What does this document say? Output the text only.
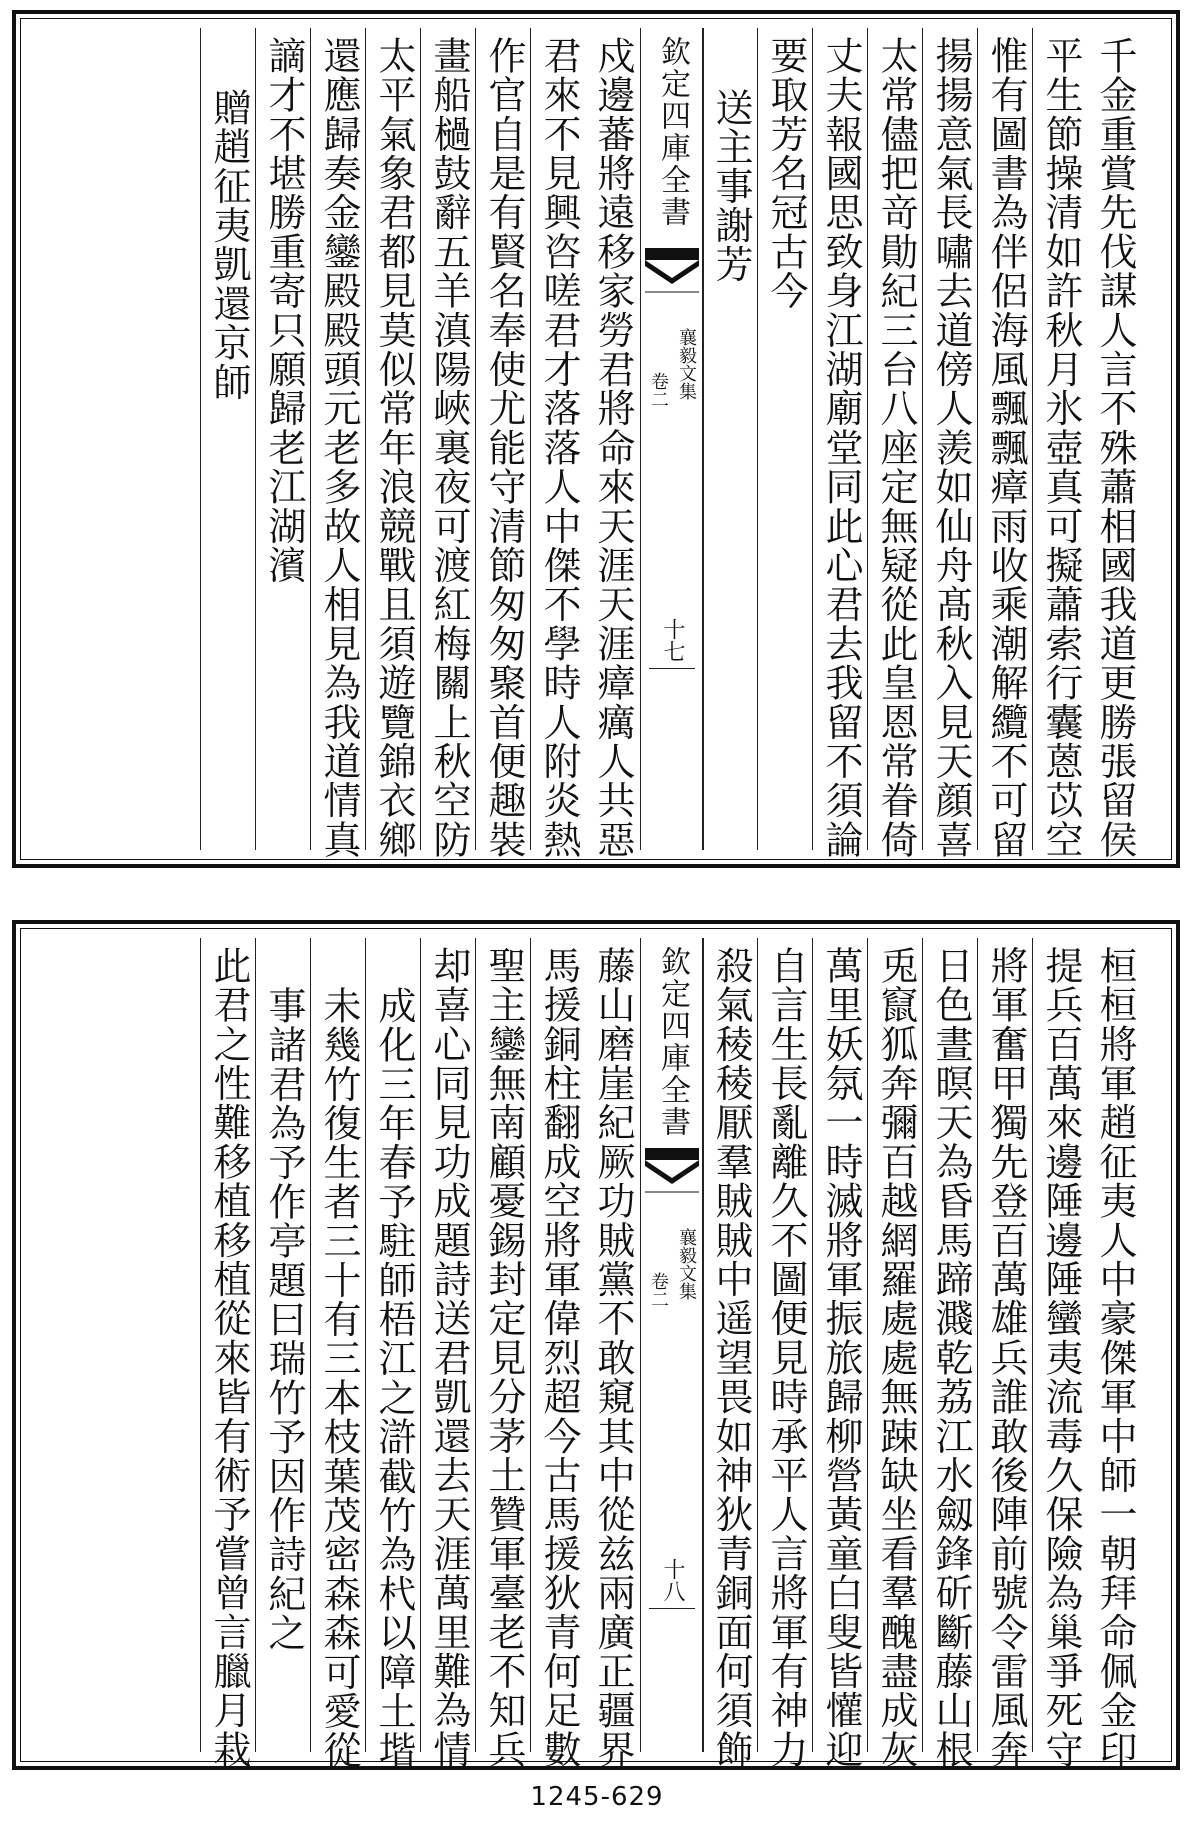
千金重賞先伐謀人言不殊蕭相國我道更勝張留侯
平生節操清如許秋月氷壺真可擬蕭索行囊蒽苡空
惟有圖書為伴侶海風飄飄瘴雨收乘潮解纜不可留
揚揚意氣長嘯去道傍人羨如仙舟髙秋入見天顔喜
太常儘把竒勛紀三台八座定無疑從此皇恩常眷倚
丈夫報國思致身江湖廟堂同此心君去我留不須論
要取芳名冠古今
送主事謝芳
戍邊蕃將遠移家勞君將命來天涯天涯瘴癘人共惡
君來不見興咨嗟君才落落人中傑不學時人附炎熱
作官自是有賢名奉使尤能守清節匆匆聚首便趣裝
畫船檛鼓辭五羊滇陽峽裏夜可渡紅梅關上秋空防
太平氣象君都見莫似常年浪競戰且須遊覽錦衣鄉
還應歸奏金鑾殿殿頭元老多故人相見為我道情真
謫才不堪勝重寄只願歸老江湖濱
贈趙征夷凱還京師	欽定四庫全書
襄毅文集
卷二
十七
桓桓將軍趙征夷人中豪傑軍中師一朝拜命佩金印
提兵百萬來邊陲邊陲蠻夷流毒久保險為巢爭死守
將軍奮甲獨先登百萬雄兵誰敢後陣前號令雷風奔
日色晝暝天為昏馬蹄濺乾荔江水劔鋒斫斷藤山根
兎竄狐奔彌百越網羅處處無踈缺坐看羣醜盡成灰
萬里妖氛一時滅將軍振旅歸柳營黃童白叟皆懽迎
自言生長亂離久不圖便見時承平人言將軍有神力
殺氣稜稜厭羣賊賊中遥望畏如神狄青銅面何須飾
藤山磨崖紀厥功賊黨不敢窺其中從兹兩廣正疆界
馬援銅柱翻成空將軍偉烈超今古馬援狄青何足數
聖主鑾無南顧憂錫封定見分茅土贊軍臺老不知兵
却喜心同見功成題詩送君凱還去天涯萬里難為情
成化三年春予駐師梧江之滸截竹為杙以障土堦
未幾竹復生者三十有三本枝葉茂密森森可愛從
事諸君為予作亭題曰瑞竹予因作詩紀之
此君之性難移植移植從來皆有術予嘗曾言臘月栽	欽定四庫全書
襄毅文集
卷二
十八
1245-629
